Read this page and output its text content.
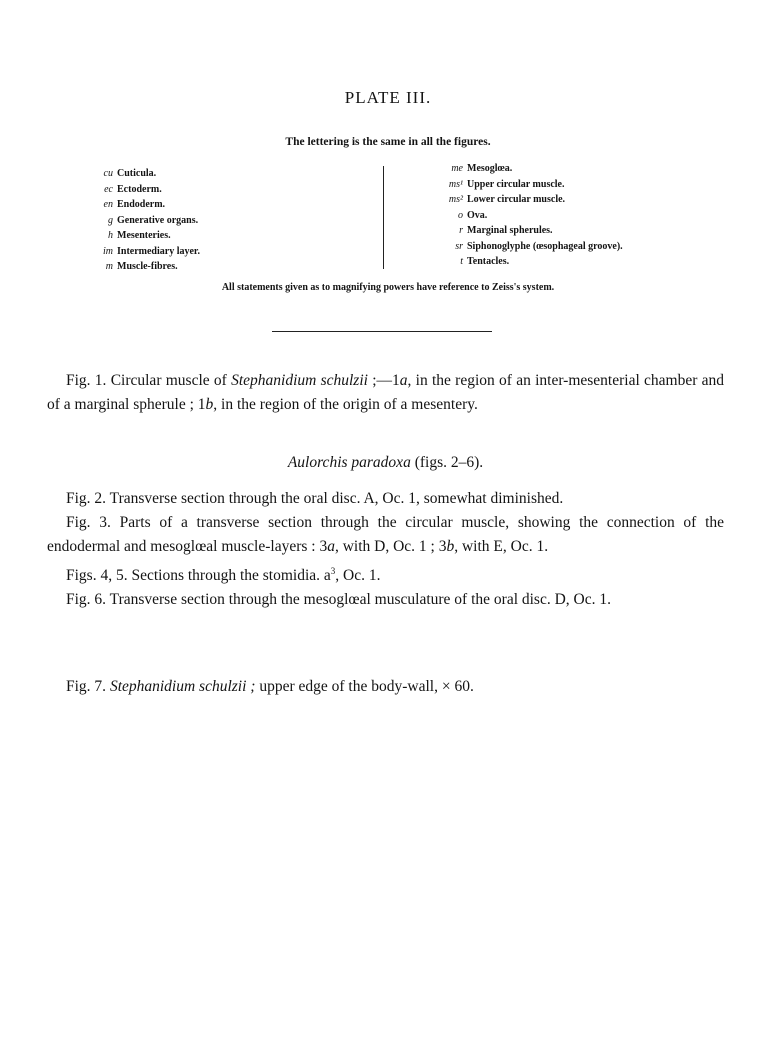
PLATE III.
The lettering is the same in all the figures.
cu Cuticula.
ec Ectoderm.
en Endoderm.
g Generative organs.
h Mesenteries.
im Intermediary layer.
m Muscle-fibres.
me Mesoglœa.
ms¹ Upper circular muscle.
ms² Lower circular muscle.
o Ova.
r Marginal spherules.
sr Siphonoglyphe (œsophageal groove).
t Tentacles.
All statements given as to magnifying powers have reference to Zeiss's system.

Fig. 1. Circular muscle of Stephanidium schulzii ;—1a, in the region of an inter-mesenterial chamber and of a marginal spherule ; 1b, in the region of the origin of a mesentery.

Aulorchis paradoxa (figs. 2–6).

Fig. 2. Transverse section through the oral disc. A, Oc. 1, somewhat diminished.

Fig. 3. Parts of a transverse section through the circular muscle, showing the connection of the endodermal and mesoglœal muscle-layers : 3a, with D, Oc. 1 ; 3b, with E, Oc. 1.

Figs. 4, 5. Sections through the stomidia. $a^3$, Oc. 1.

Fig. 6. Transverse section through the mesoglœal musculature of the oral disc. D, Oc. 1.

Fig. 7. Stephanidium schulzii ; upper edge of the body-wall, × 60.
